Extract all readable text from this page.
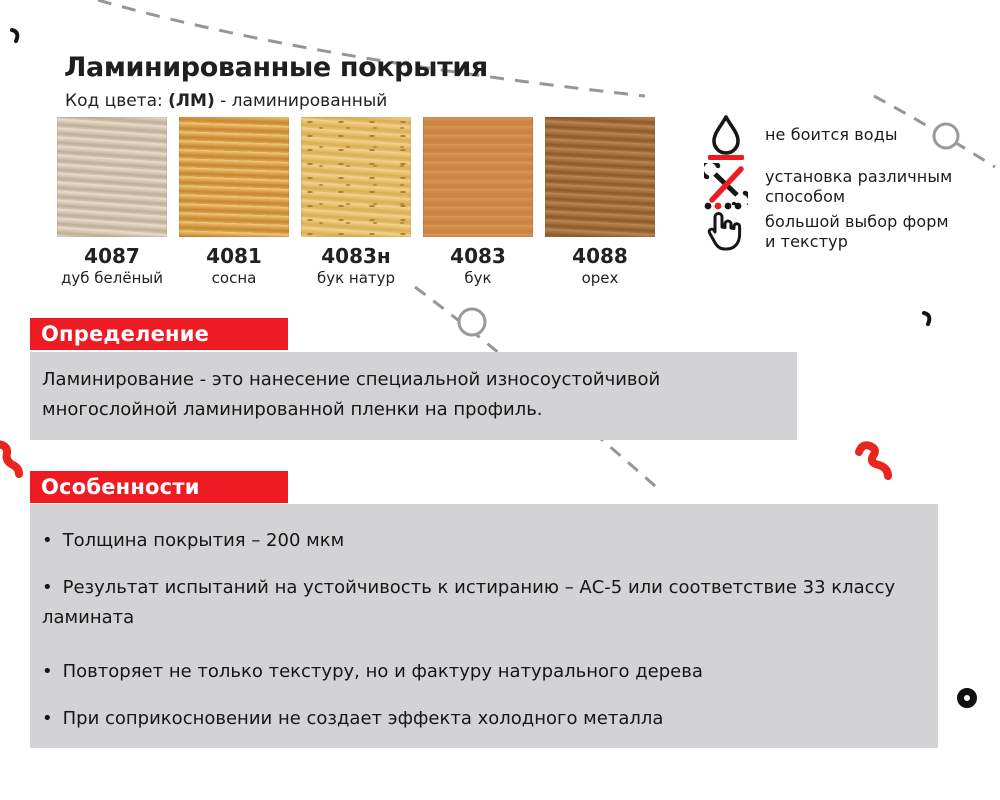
Ламинированные покрытия
Код цвета: (ЛМ) - ламинированный
4087
дуб белёный
4081
сосна
4083н
бук натур
4083
бук
4088
орех
не боится воды
установка различным
способом
большой выбор форм
и текстур
Определение
Ламинирование - это нанесение специальной износоустойчивой многослойной ламинированной пленки на профиль.
Особенности
• Толщина покрытия – 200 мкм
• Результат испытаний на устойчивость к истиранию – АС-5 или соответствие 33 классу ламината
• Повторяет не только текстуру, но и фактуру натурального дерева
• При соприкосновении не создает эффекта холодного металла
